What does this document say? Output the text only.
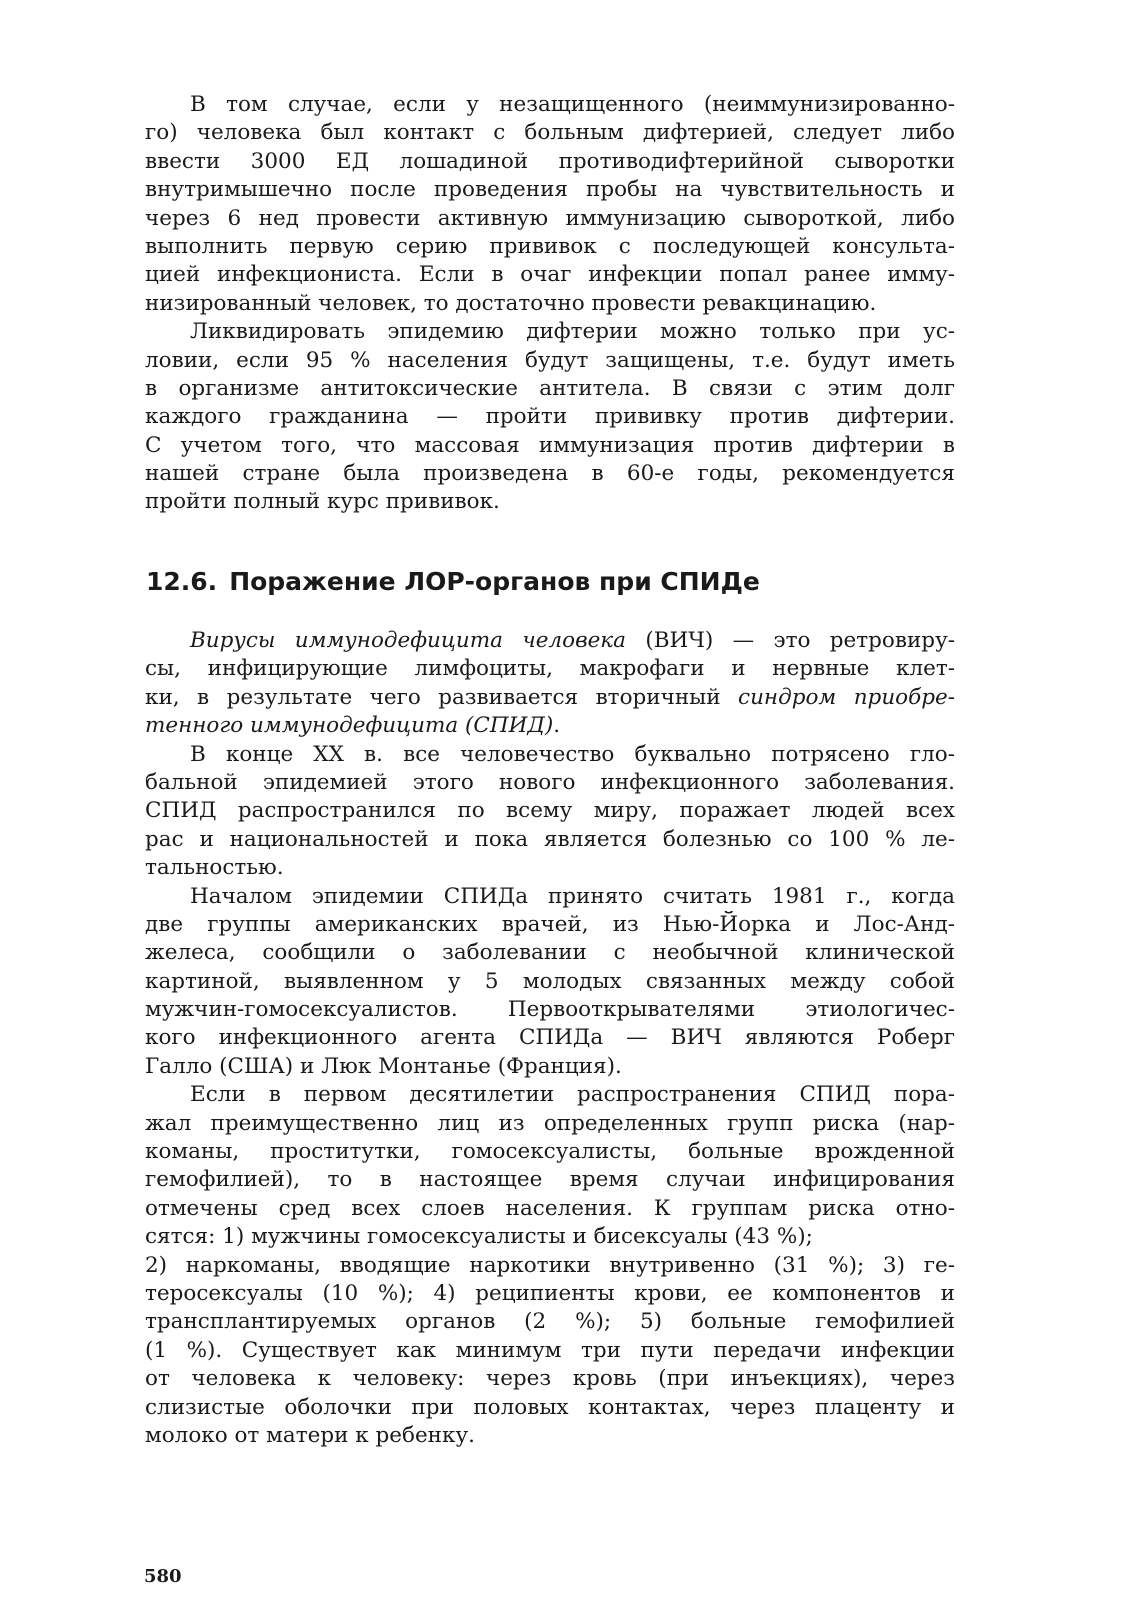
В том случае, если у незащищенного (неиммунизированно-
го) человека был контакт с больным дифтерией, следует либо
ввести 3000 ЕД лошадиной противодифтерийной сыворотки
внутримышечно после проведения пробы на чувствительность и
через 6 нед провести активную иммунизацию сывороткой, либо
выполнить первую серию прививок с последующей консульта-
цией инфекциониста. Если в очаг инфекции попал ранее имму-
низированный человек, то достаточно провести ревакцинацию.
Ликвидировать эпидемию дифтерии можно только при ус-
ловии, если 95 % населения будут защищены, т.е. будут иметь
в организме антитоксические антитела. В связи с этим долг
каждого гражданина — пройти прививку против дифтерии.
С учетом того, что массовая иммунизация против дифтерии в
нашей стране была произведена в 60-е годы, рекомендуется
пройти полный курс прививок.
12.6. Поражение ЛОР-органов при СПИДе
Вирусы иммунодефицита человека (ВИЧ) — это ретровиру-
сы, инфицирующие лимфоциты, макрофаги и нервные клет-
ки, в результате чего развивается вторичный синдром приобре-
тенного иммунодефицита (СПИД).
В конце XX в. все человечество буквально потрясено гло-
бальной эпидемией этого нового инфекционного заболевания.
СПИД распространился по всему миру, поражает людей всех
рас и национальностей и пока является болезнью со 100 % ле-
тальностью.
Началом эпидемии СПИДа принято считать 1981 г., когда
две группы американских врачей, из Нью-Йорка и Лос-Анд-
желеса, сообщили о заболевании с необычной клинической
картиной, выявленном у 5 молодых связанных между собой
мужчин-гомосексуалистов. Первооткрывателями этиологичес-
кого инфекционного агента СПИДа — ВИЧ являются Роберг
Галло (США) и Люк Монтанье (Франция).
Если в первом десятилетии распространения СПИД пора-
жал преимущественно лиц из определенных групп риска (нар-
команы, проститутки, гомосексуалисты, больные врожденной
гемофилией), то в настоящее время случаи инфицирования
отмечены сред всех слоев населения. К группам риска отно-
сятся: 1) мужчины гомосексуалисты и бисексуалы (43 %);
2) наркоманы, вводящие наркотики внутривенно (31 %); 3) ге-
теросексуалы (10 %); 4) реципиенты крови, ее компонентов и
трансплантируемых органов (2 %); 5) больные гемофилией
(1 %). Существует как минимум три пути передачи инфекции
от человека к человеку: через кровь (при инъекциях), через
слизистые оболочки при половых контактах, через плаценту и
молоко от матери к ребенку.
580
